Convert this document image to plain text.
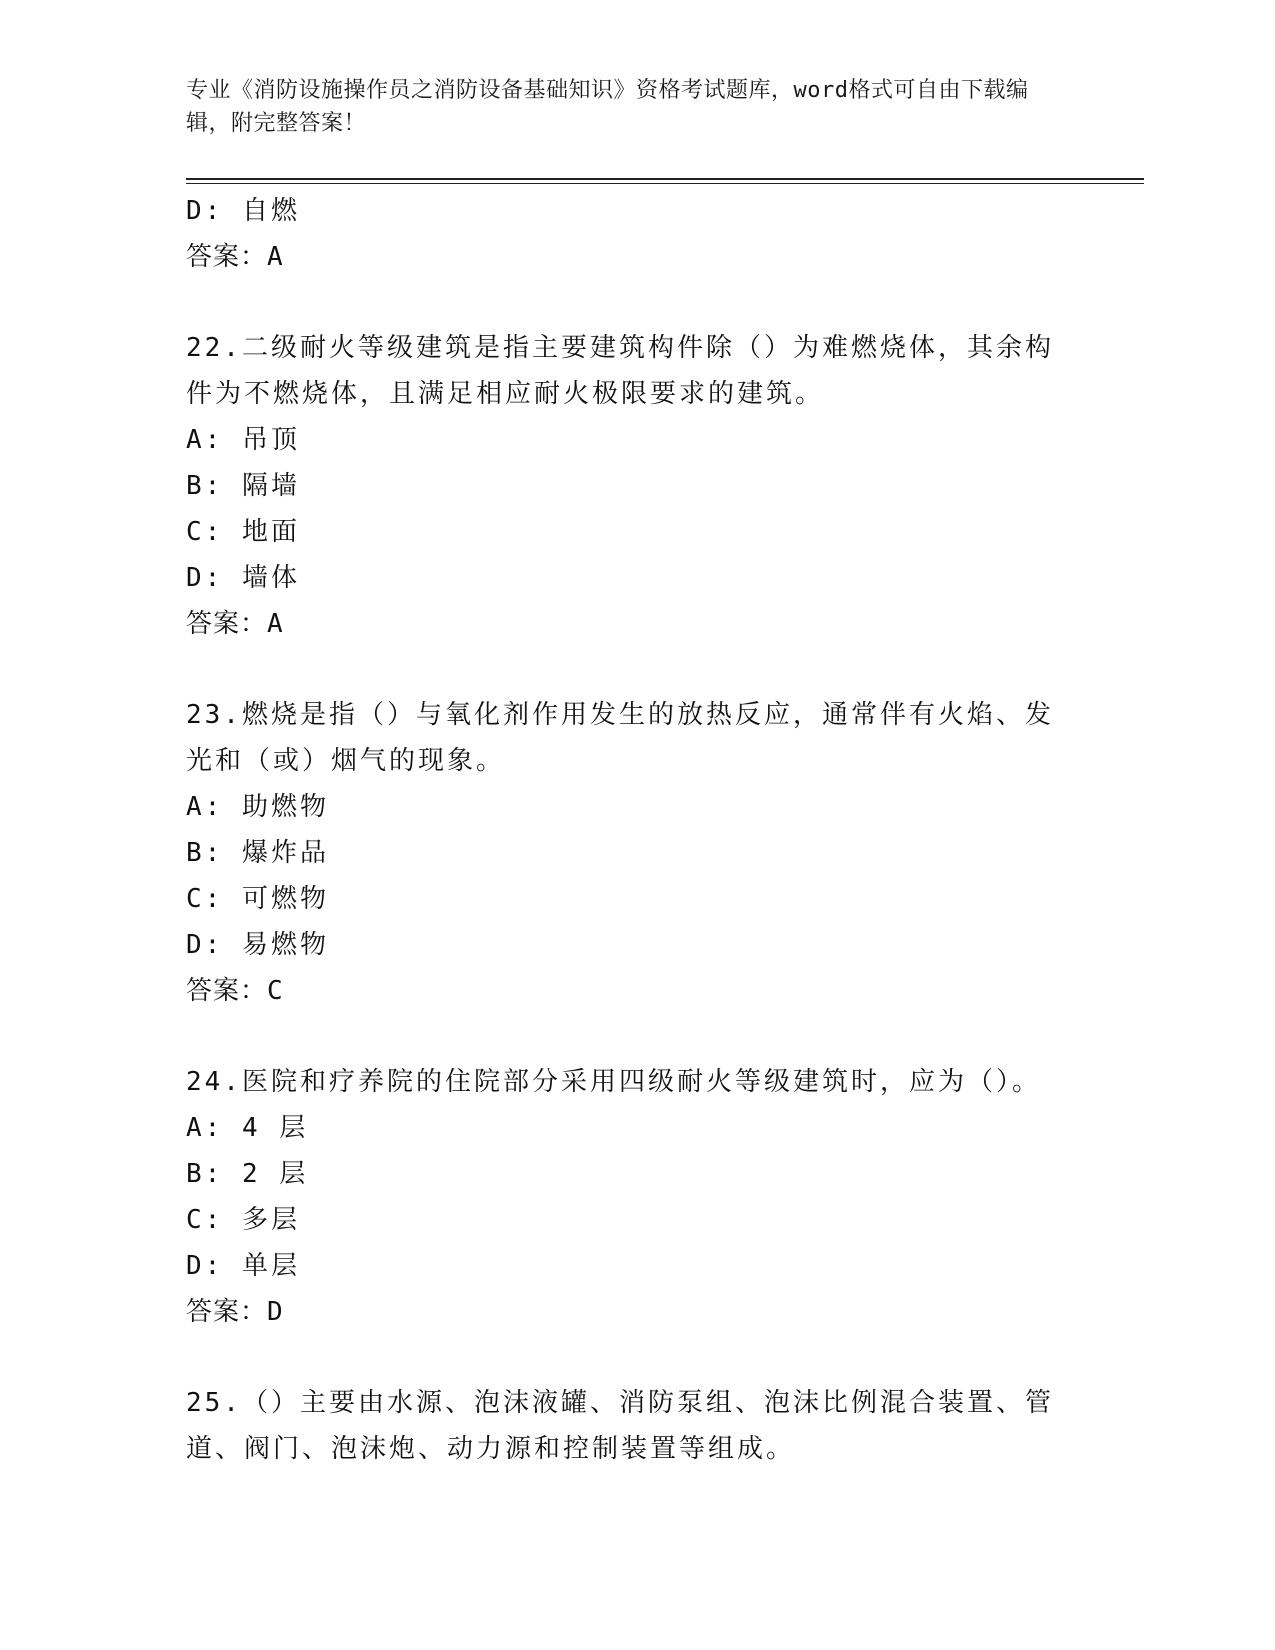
专业《消防设施操作员之消防设备基础知识》资格考试题库，word格式可自由下载编辑，附完整答案！
D: 自燃
答案：A
22.二级耐火等级建筑是指主要建筑构件除（）为难燃烧体，其余构件为不燃烧体，且满足相应耐火极限要求的建筑。
A: 吊顶
B: 隔墙
C: 地面
D: 墙体
答案：A
23.燃烧是指（）与氧化剂作用发生的放热反应，通常伴有火焰、发光和（或）烟气的现象。
A: 助燃物
B: 爆炸品
C: 可燃物
D: 易燃物
答案：C
24.医院和疗养院的住院部分采用四级耐火等级建筑时，应为（）。
A: 4 层
B: 2 层
C: 多层
D: 单层
答案：D
25.（）主要由水源、泡沫液罐、消防泵组、泡沫比例混合装置、管道、阀门、泡沫炮、动力源和控制装置等组成。
